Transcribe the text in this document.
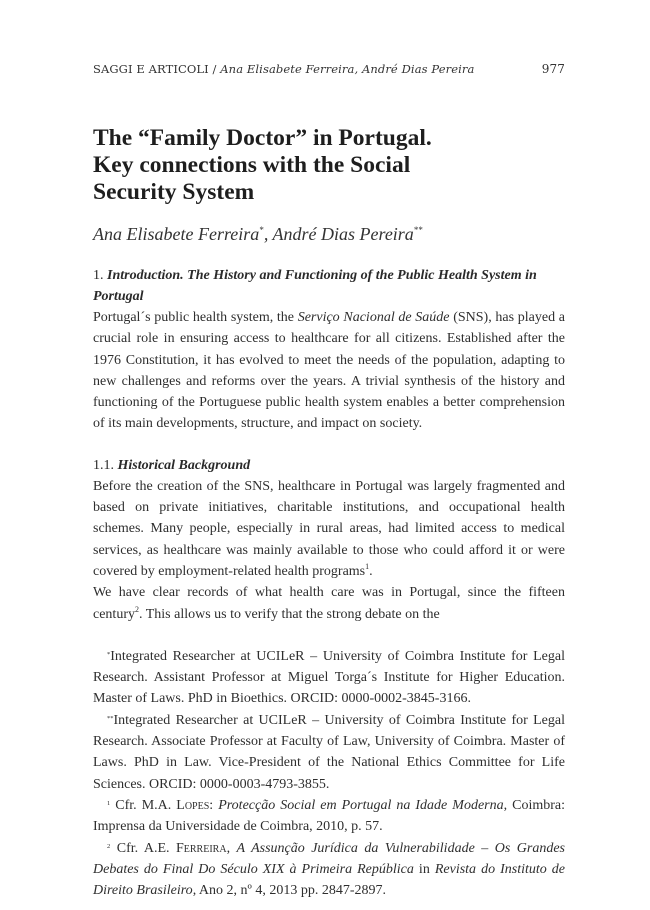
SAGGI E ARTICOLI / Ana Elisabete Ferreira, André Dias Pereira	977
The “Family Doctor” in Portugal.
Key connections with the Social
Security System
Ana Elisabete Ferreira*, André Dias Pereira**
1. Introduction. The History and Functioning of the Public Health System in Portugal

Portugal´s public health system, the Serviço Nacional de Saúde (SNS), has played a crucial role in ensuring access to healthcare for all citizens. Established after the 1976 Constitution, it has evolved to meet the needs of the population, adapting to new challenges and reforms over the years. A trivial synthesis of the history and functioning of the Portuguese public health system enables a better comprehension of its main developments, structure, and impact on society.

1.1. Historical Background

Before the creation of the SNS, healthcare in Portugal was largely fragmented and based on private initiatives, charitable institutions, and occupational health schemes. Many people, especially in rural areas, had limited access to medical services, as healthcare was mainly available to those who could afford it or were covered by employment-related health programs$^1$.

We have clear records of what health care was in Portugal, since the fifteen century$^2$. This allows us to verify that the strong debate on the

*Integrated Researcher at UCILeR – University of Coimbra Institute for Legal Research. Assistant Professor at Miguel Torga´s Institute for Higher Education. Master of Laws. PhD in Bioethics. ORCID: 0000-0002-3845-3166.

**Integrated Researcher at UCILeR – University of Coimbra Institute for Legal Research. Associate Professor at Faculty of Law, University of Coimbra. Master of Laws. PhD in Law. Vice-President of the National Ethics Committee for Life Sciences. ORCID: 0000-0003-4793-3855.

$^1$ Cfr. M.A. Lopes: Protecção Social em Portugal na Idade Moderna, Coimbra: Imprensa da Universidade de Coimbra, 2010, p. 57.

$^2$ Cfr. A.E. Ferreira, A Assunção Jurídica da Vulnerabilidade – Os Grandes Debates do Final Do Século XIX à Primeira República in Revista do Instituto de Direito Brasileiro, Ano 2, nº 4, 2013 pp. 2847-2897.
